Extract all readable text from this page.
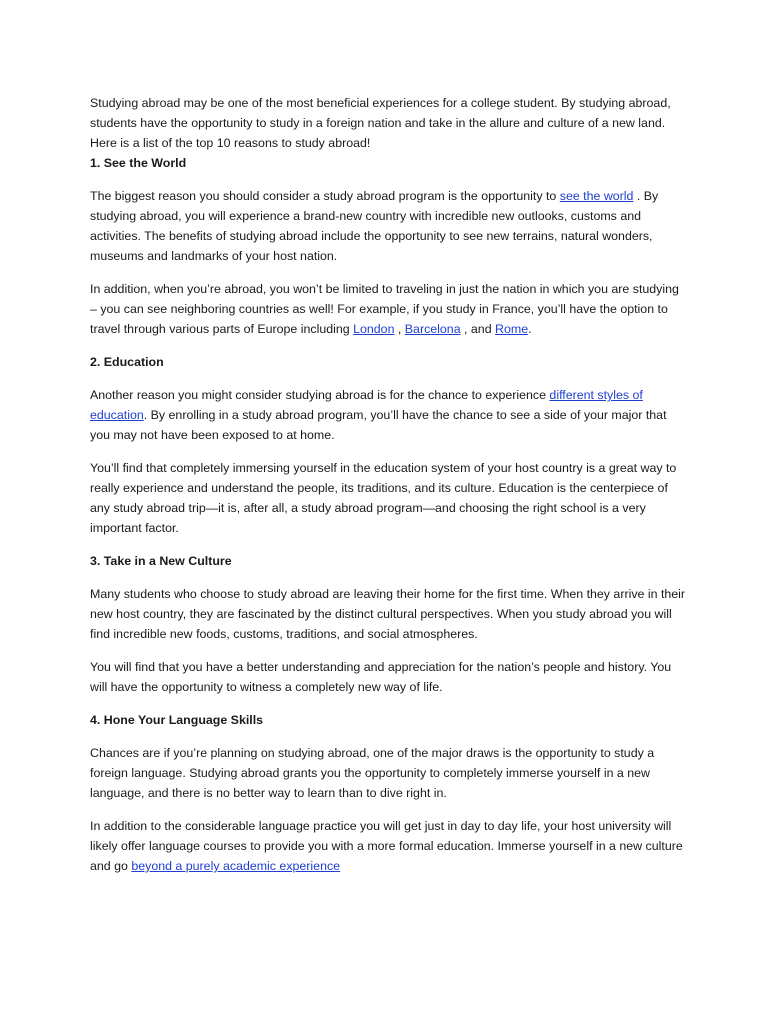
Studying abroad may be one of the most beneficial experiences for a college student. By studying abroad, students have the opportunity to study in a foreign nation and take in the allure and culture of a new land. Here is a list of the top 10 reasons to study abroad!

1. See the World

The biggest reason you should consider a study abroad program is the opportunity to see the world . By studying abroad, you will experience a brand-new country with incredible new outlooks, customs and activities. The benefits of studying abroad include the opportunity to see new terrains, natural wonders, museums and landmarks of your host nation.

In addition, when you’re abroad, you won’t be limited to traveling in just the nation in which you are studying – you can see neighboring countries as well! For example, if you study in France, you’ll have the option to travel through various parts of Europe including London , Barcelona , and Rome.

2. Education

Another reason you might consider studying abroad is for the chance to experience different styles of education. By enrolling in a study abroad program, you’ll have the chance to see a side of your major that you may not have been exposed to at home.

You’ll find that completely immersing yourself in the education system of your host country is a great way to really experience and understand the people, its traditions, and its culture. Education is the centerpiece of any study abroad trip—it is, after all, a study abroad program—and choosing the right school is a very important factor.

3. Take in a New Culture

Many students who choose to study abroad are leaving their home for the first time. When they arrive in their new host country, they are fascinated by the distinct cultural perspectives. When you study abroad you will find incredible new foods, customs, traditions, and social atmospheres.

You will find that you have a better understanding and appreciation for the nation’s people and history. You will have the opportunity to witness a completely new way of life.

4. Hone Your Language Skills

Chances are if you’re planning on studying abroad, one of the major draws is the opportunity to study a foreign language. Studying abroad grants you the opportunity to completely immerse yourself in a new language, and there is no better way to learn than to dive right in.

In addition to the considerable language practice you will get just in day to day life, your host university will likely offer language courses to provide you with a more formal education. Immerse yourself in a new culture and go beyond a purely academic experience
